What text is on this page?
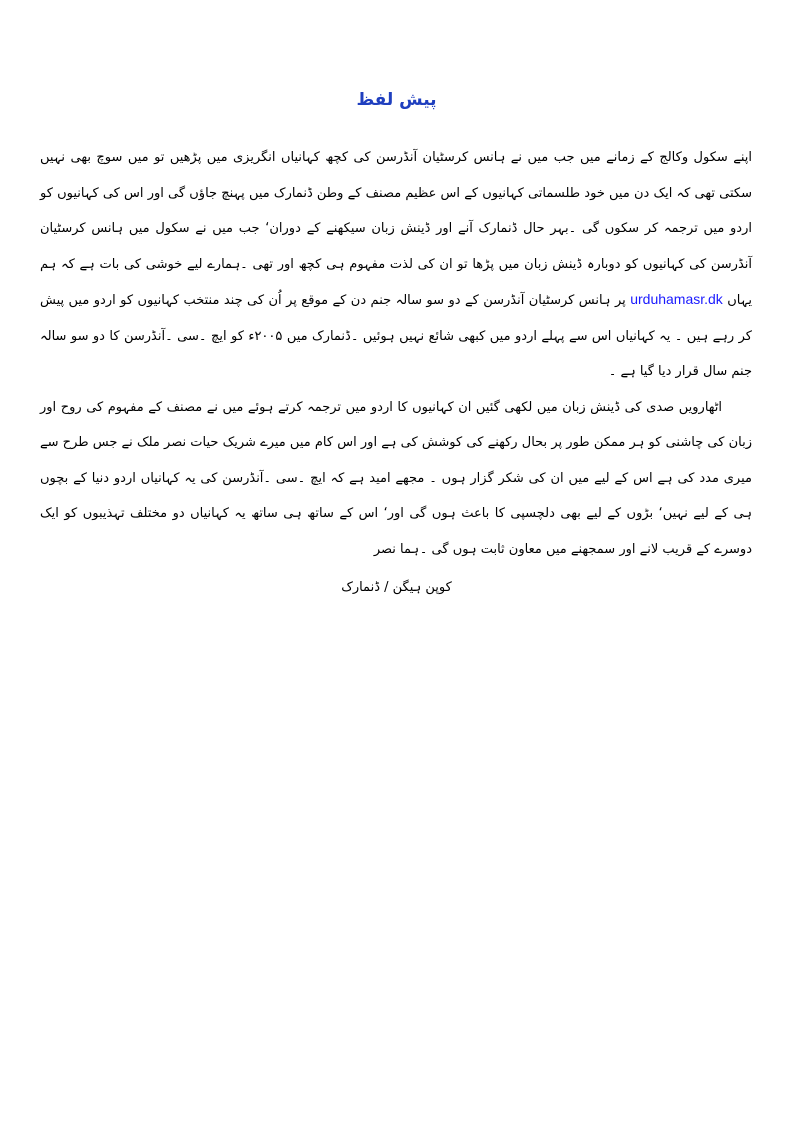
پیش لفظ

اپنے سکول وکالج کے زمانے میں جب میں نے ہانس کرسٹیان آنڈرسن کی کچھ کہانیاں انگریزی میں پڑھیں تو میں سوچ بھی نہیں سکتی تھی کہ ایک دن میں خود طلسماتی کہانیوں کے اس عظیم مصنف کے وطن ڈنمارک میں پہنچ جاؤں گی اور اس کی کہانیوں کو اردو میں ترجمہ کر سکوں گی ۔بہر حال ڈنمارک آنے اور ڈینش زبان سیکھنے کے دوران‘ جب میں نے سکول میں ہانس کرسٹیان آنڈرسن کی کہانیوں کو دوبارہ ڈینش زبان میں پڑھا تو ان کی لذت مفہوم ہی کچھ اور تھی ۔ہمارے لیے خوشی کی بات ہے کہ ہم یہاں urduhamasr.dk پر ہانس کرسٹیان آنڈرسن کے دو سو سالہ جنم دن کے موقع پر اُن کی چند منتخب کہانیوں کو اردو میں پیش کر رہے ہیں ۔ یہ کہانیاں اس سے پہلے اردو میں کبھی شائع نہیں ہوئیں ۔ڈنمارک میں ۲۰۰۵ء کو ایچ ۔سی ۔آنڈرسن کا دو سو سالہ جنم سال قرار دیا گیا ہے ۔

اٹھارویں صدی کی ڈینش زبان میں لکھی گئیں ان کہانیوں کا اردو میں ترجمہ کرتے ہوئے میں نے مصنف کے مفہوم کی روح اور زبان کی چاشنی کو ہر ممکن طور پر بحال رکھنے کی کوشش کی ہے اور اس کام میں میرے شریک حیات نصر ملک نے جس طرح سے میری مدد کی ہے اس کے لیے میں ان کی شکر گزار ہوں ۔ مجھے امید ہے کہ ایچ ۔سی ۔آنڈرسن کی یہ کہانیاں اردو دنیا کے بچوں ہی کے لیے نہیں‘ بڑوں کے لیے بھی دلچسپی کا باعث ہوں گی اور‘ اس کے ساتھ ہی ساتھ یہ کہانیاں دو مختلف تہذیبوں کو ایک دوسرے کے قریب لانے اور سمجھنے میں معاون ثابت ہوں گی ۔

ہما نصر
کوپن ہیگن / ڈنمارک
